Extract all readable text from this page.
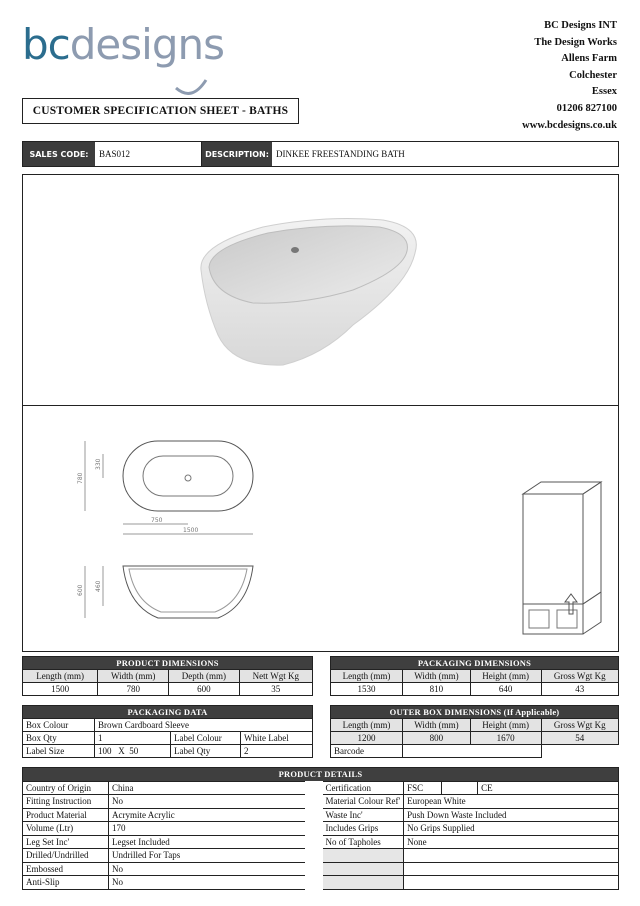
bcdesigns	BC Designs INT
The Design Works
Allens Farm
Colchester
Essex
01206 827100
www.bcdesigns.co.uk
CUSTOMER SPECIFICATION SHEET - BATHS
SALES CODE:	BAS012	DESCRIPTION: DINKEE FREESTANDING BATH
780
330
750
1500
600 460
PRODUCT DIMENSIONS			
Length (mm)	Width (mm)	Depth (mm)	Nett Wgt Kg
1500	780	600	35
PACKAGING DIMENSIONS			
Length (mm)	Width (mm)	Height (mm)	Gross Wgt Kg
1530	810	640	43
PACKAGING DATA			
Box Colour	Brown Cardboard Sleeve		
Box Qty	1	Label Colour	White Label
Label Size	100   X  50	Label Qty	2
OUTER BOX DIMENSIONS (If Applicable)			
Length (mm)	Width (mm)	Height (mm)	Gross Wgt Kg
1200	800	1670	54
Barcode			
PRODUCT DETAILS					
Country of Origin	China	Certification	FSC		CE
Fitting Instruction	No	Material Colour Ref'	European White		
Product Material	Acrymite Acrylic	Waste Inc'	Push Down Waste Included		
Volume (Ltr)	170	Includes Grips	No Grips Supplied		
Leg Set Inc'	Legset Included	No of Tapholes	None		
Drilled/Undrilled	Undrilled For Taps				
Embossed	No				
Anti-Slip	No				
